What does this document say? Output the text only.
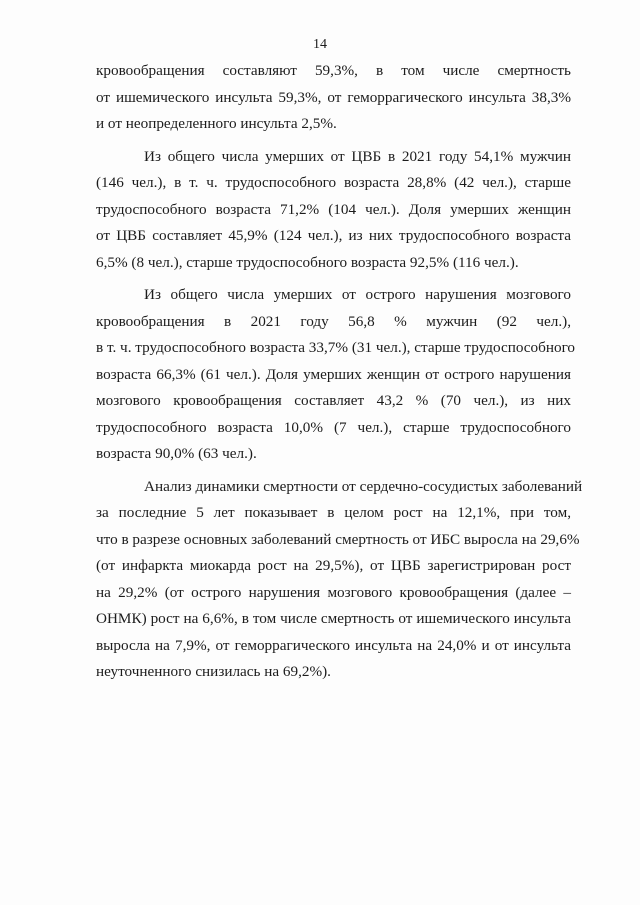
14
кровообращения составляют 59,3%, в том числе смертность
от ишемического инсульта 59,3%, от геморрагического инсульта 38,3%
и от неопределенного инсульта 2,5%.
Из общего числа умерших от ЦВБ в 2021 году 54,1% мужчин
(146 чел.), в т. ч. трудоспособного возраста 28,8% (42 чел.), старше
трудоспособного возраста 71,2% (104 чел.). Доля умерших женщин
от ЦВБ составляет 45,9% (124 чел.), из них трудоспособного возраста
6,5% (8 чел.), старше трудоспособного возраста 92,5% (116 чел.).
Из общего числа умерших от острого нарушения мозгового
кровообращения в 2021 году 56,8 % мужчин (92 чел.),
в т. ч. трудоспособного возраста 33,7% (31 чел.), старше трудоспособного
возраста 66,3% (61 чел.). Доля умерших женщин от острого нарушения
мозгового кровообращения составляет 43,2 % (70 чел.), из них
трудоспособного возраста 10,0% (7 чел.), старше трудоспособного
возраста 90,0% (63 чел.).
Анализ динамики смертности от сердечно-сосудистых заболеваний
за последние 5 лет показывает в целом рост на 12,1%, при том,
что в разрезе основных заболеваний смертность от ИБС выросла на 29,6%
(от инфаркта миокарда рост на 29,5%), от ЦВБ зарегистрирован рост
на 29,2% (от острого нарушения мозгового кровообращения (далее –
ОНМК) рост на 6,6%, в том числе смертность от ишемического инсульта
выросла на 7,9%, от геморрагического инсульта на 24,0% и от инсульта
неуточненного снизилась на 69,2%).
